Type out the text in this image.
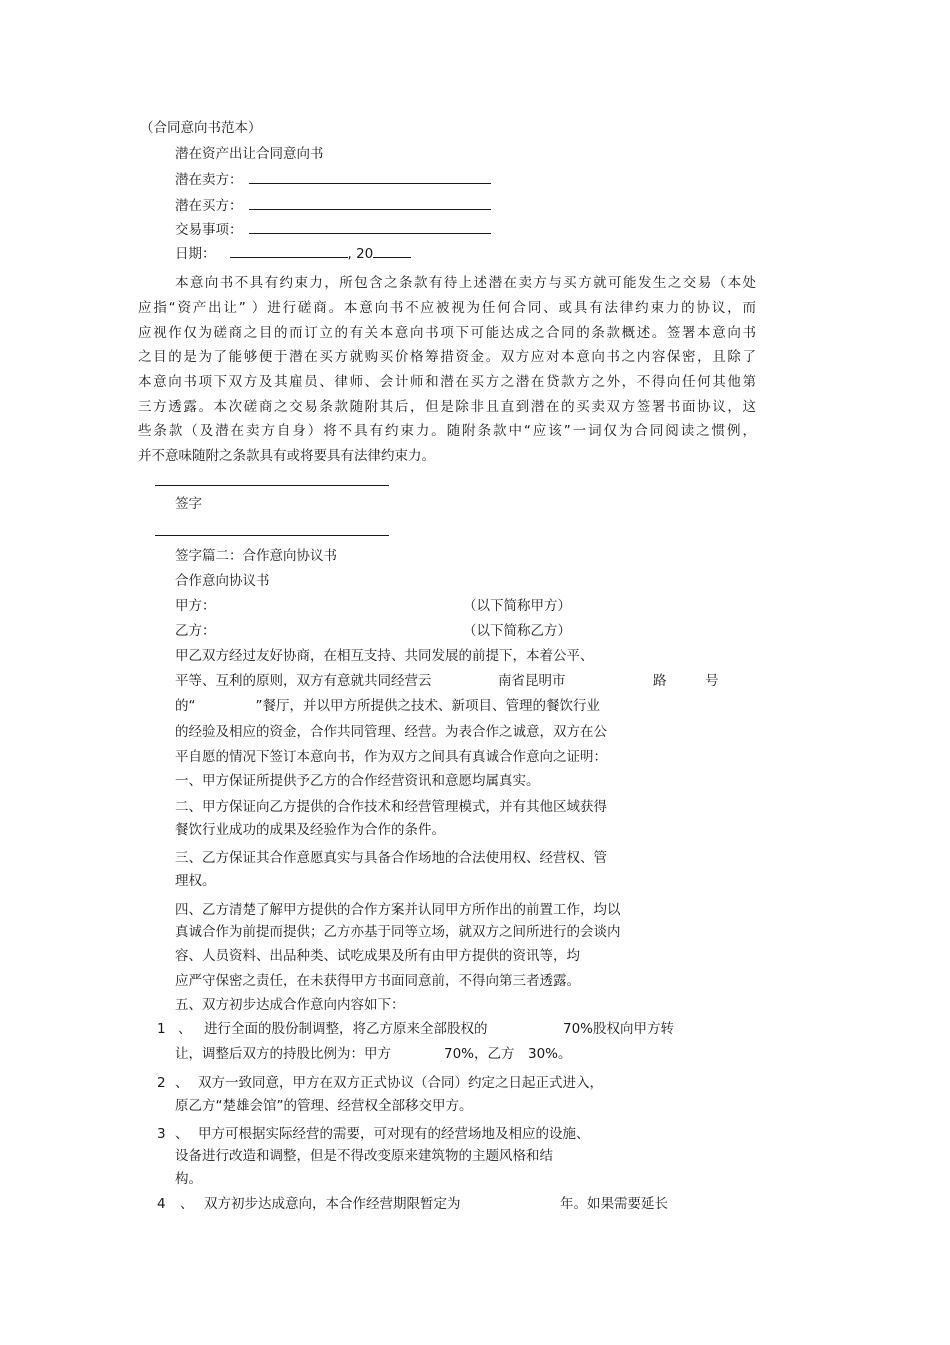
（合同意向书范本）
潜在资产出让合同意向书
潜在卖方：
潜在买方：
交易事项：
日期：	, 20
本意向书不具有约束力，所包含之条款有待上述潜在卖方与买方就可能发生之交易（本处
应指“资产出让” ）进行磋商。本意向书不应被视为任何合同、或具有法律约束力的协议，而
应视作仅为磋商之目的而订立的有关本意向书项下可能达成之合同的条款概述。签署本意向书
之目的是为了能够便于潜在买方就购买价格筹措资金。双方应对本意向书之内容保密，且除了
本意向书项下双方及其雇员、律师、会计师和潜在买方之潜在贷款方之外，不得向任何其他第
三方透露。本次磋商之交易条款随附其后，但是除非且直到潜在的买卖双方签署书面协议，这
些条款（及潜在卖方自身）将不具有约束力。随附条款中“应该”一词仅为合同阅读之惯例，
并不意味随附之条款具有或将要具有法律约束力。
签字
签字篇二：合作意向协议书
合作意向协议书
甲方：	（以下简称甲方）
乙方：	（以下简称乙方）
甲乙双方经过友好协商，在相互支持、共同发展的前提下，本着公平、
平等、互利的原则，双方有意就共同经营云	南省昆明市	路	号
的“	”餐厅，并以甲方所提供之技术、新项目、管理的餐饮行业
的经验及相应的资金，合作共同管理、经营。为表合作之诚意，双方在公
平自愿的情况下签订本意向书，作为双方之间具有真诚合作意向之证明：
一、甲方保证所提供予乙方的合作经营资讯和意愿均属真实。
二、甲方保证向乙方提供的合作技术和经营管理模式，并有其他区域获得
餐饮行业成功的成果及经验作为合作的条件。
三、乙方保证其合作意愿真实与具备合作场地的合法使用权、经营权、管
理权。
四、乙方清楚了解甲方提供的合作方案并认同甲方所作出的前置工作，均以
真诚合作为前提而提供；乙方亦基于同等立场，就双方之间所进行的会谈内
容、人员资料、出品种类、试吃成果及所有由甲方提供的资讯等，均
应严守保密之责任，在未获得甲方书面同意前，不得向第三者透露。
五、双方初步达成合作意向内容如下：
1 、 进行全面的股份制调整，将乙方原来全部股权的	70%股权向甲方转
让，调整后双方的持股比例为：甲方	70%，乙方 30%。
2 、 双方一致同意，甲方在双方正式协议（合同）约定之日起正式进入，
原乙方“楚雄会馆”的管理、经营权全部移交甲方。
3 、 甲方可根据实际经营的需要，可对现有的经营场地及相应的设施、
设备进行改造和调整，但是不得改变原来建筑物的主题风格和结
构。
4 、 双方初步达成意向，本合作经营期限暂定为	年。如果需要延长
